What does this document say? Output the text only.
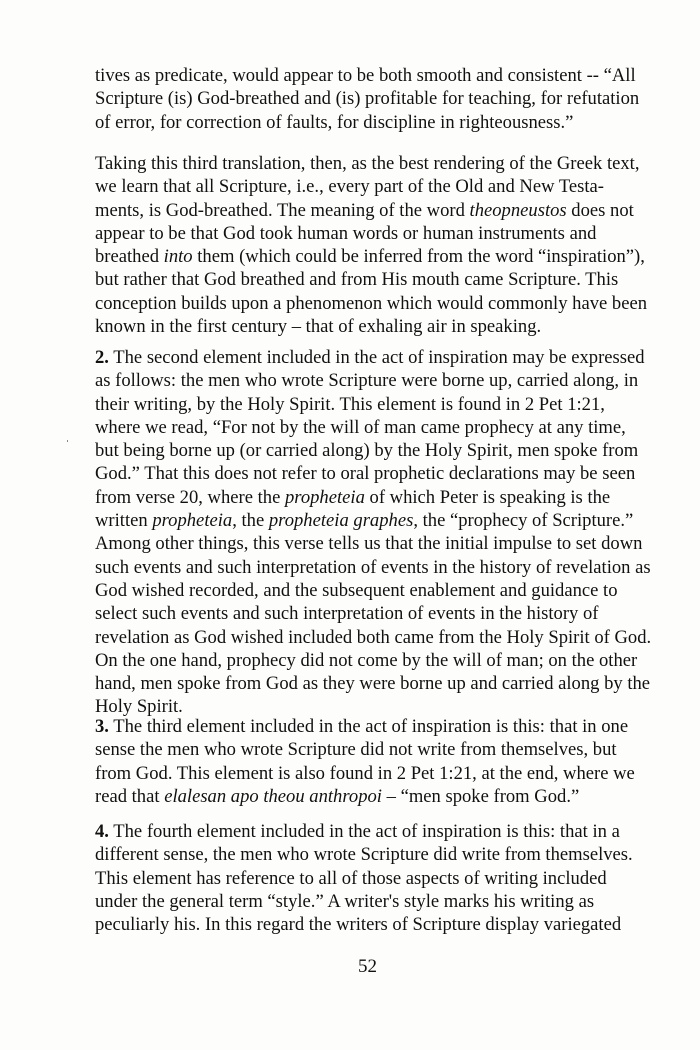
tives as predicate, would appear to be both smooth and consistent -- “All
Scripture (is) God-breathed and (is) profitable for teaching, for refutation
of error, for correction of faults, for discipline in righteousness.”

Taking this third translation, then, as the best rendering of the Greek text,
we learn that all Scripture, i.e., every part of the Old and New Testa-
ments, is God-breathed. The meaning of the word theopneustos does not
appear to be that God took human words or human instruments and
breathed into them (which could be inferred from the word “inspiration”),
but rather that God breathed and from His mouth came Scripture. This
conception builds upon a phenomenon which would commonly have been
known in the first century – that of exhaling air in speaking.

2. The second element included in the act of inspiration may be expressed
as follows: the men who wrote Scripture were borne up, carried along, in
their writing, by the Holy Spirit. This element is found in 2 Pet 1:21,
where we read, “For not by the will of man came prophecy at any time,
but being borne up (or carried along) by the Holy Spirit, men spoke from
God.” That this does not refer to oral prophetic declarations may be seen
from verse 20, where the propheteia of which Peter is speaking is the
written propheteia, the propheteia graphes, the “prophecy of Scripture.”
Among other things, this verse tells us that the initial impulse to set down
such events and such interpretation of events in the history of revelation as
God wished recorded, and the subsequent enablement and guidance to
select such events and such interpretation of events in the history of
revelation as God wished included both came from the Holy Spirit of God.
On the one hand, prophecy did not come by the will of man; on the other
hand, men spoke from God as they were borne up and carried along by the
Holy Spirit.

3. The third element included in the act of inspiration is this: that in one
sense the men who wrote Scripture did not write from themselves, but
from God. This element is also found in 2 Pet 1:21, at the end, where we
read that elalesan apo theou anthropoi – “men spoke from God.”

4. The fourth element included in the act of inspiration is this: that in a
different sense, the men who wrote Scripture did write from themselves.
This element has reference to all of those aspects of writing included
under the general term “style.” A writer's style marks his writing as
peculiarly his. In this regard the writers of Scripture display variegated

52
